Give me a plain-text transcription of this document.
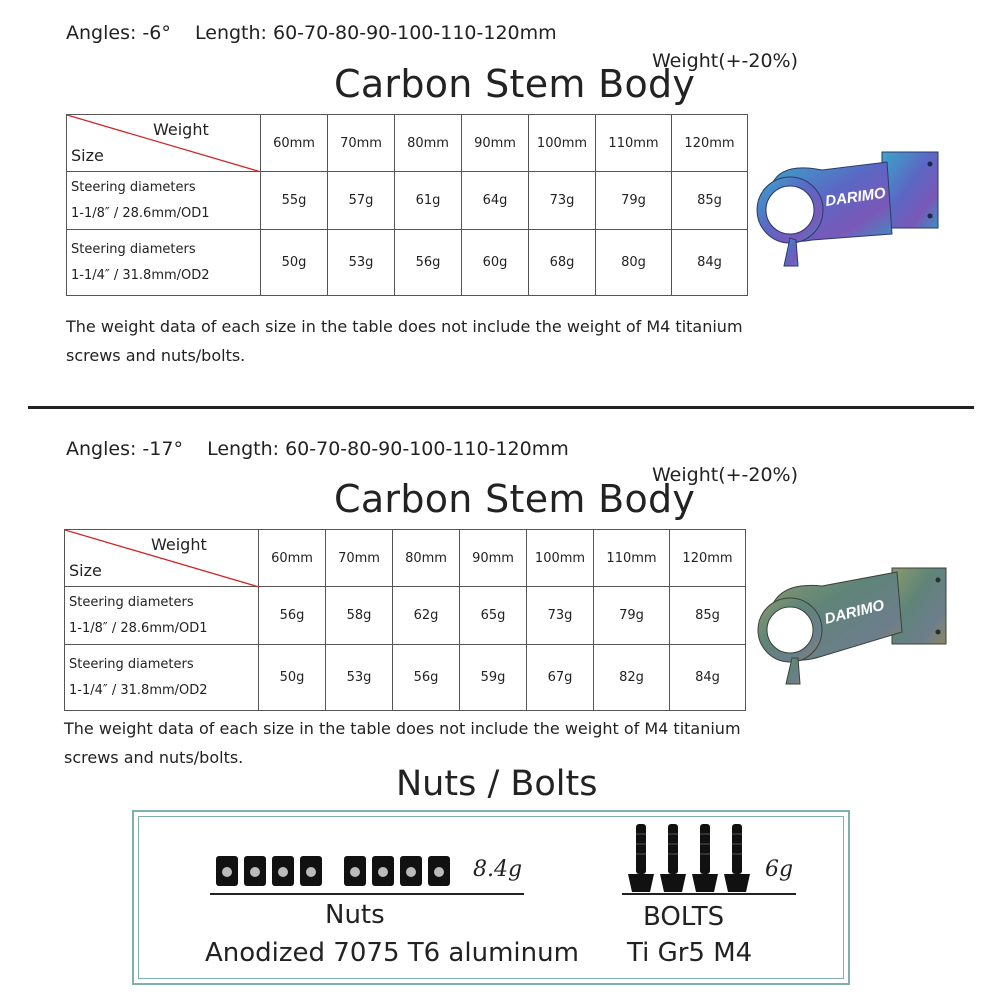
Angles: -6°    Length: 60-70-80-90-100-110-120mm
Carbon Stem Body
Weight(+-20%)
Weight
Size	60mm	70mm	80mm	90mm	100mm	110mm	120mm

Steering diameters
1-1/8″ / 28.6mm/OD1	55g	57g	61g	64g	73g	79g	85g

Steering diameters
1-1/4″ / 31.8mm/OD2	50g	53g	56g	60g	68g	80g	84g
DARIMO
The weight data of each size in the table does not include the weight of M4 titanium
screws and nuts/bolts.
Angles: -17°    Length: 60-70-80-90-100-110-120mm
Carbon Stem Body
Weight(+-20%)
Weight
Size	60mm	70mm	80mm	90mm	100mm	110mm	120mm

Steering diameters
1-1/8″ / 28.6mm/OD1	56g	58g	62g	65g	73g	79g	85g

Steering diameters
1-1/4″ / 31.8mm/OD2	50g	53g	56g	59g	67g	82g	84g
DARIMO
The weight data of each size in the table does not include the weight of M4 titanium
screws and nuts/bolts.
Nuts / Bolts
8.4g
Nuts
Anodized 7075 T6 aluminum
6g
BOLTS
Ti Gr5 M4
